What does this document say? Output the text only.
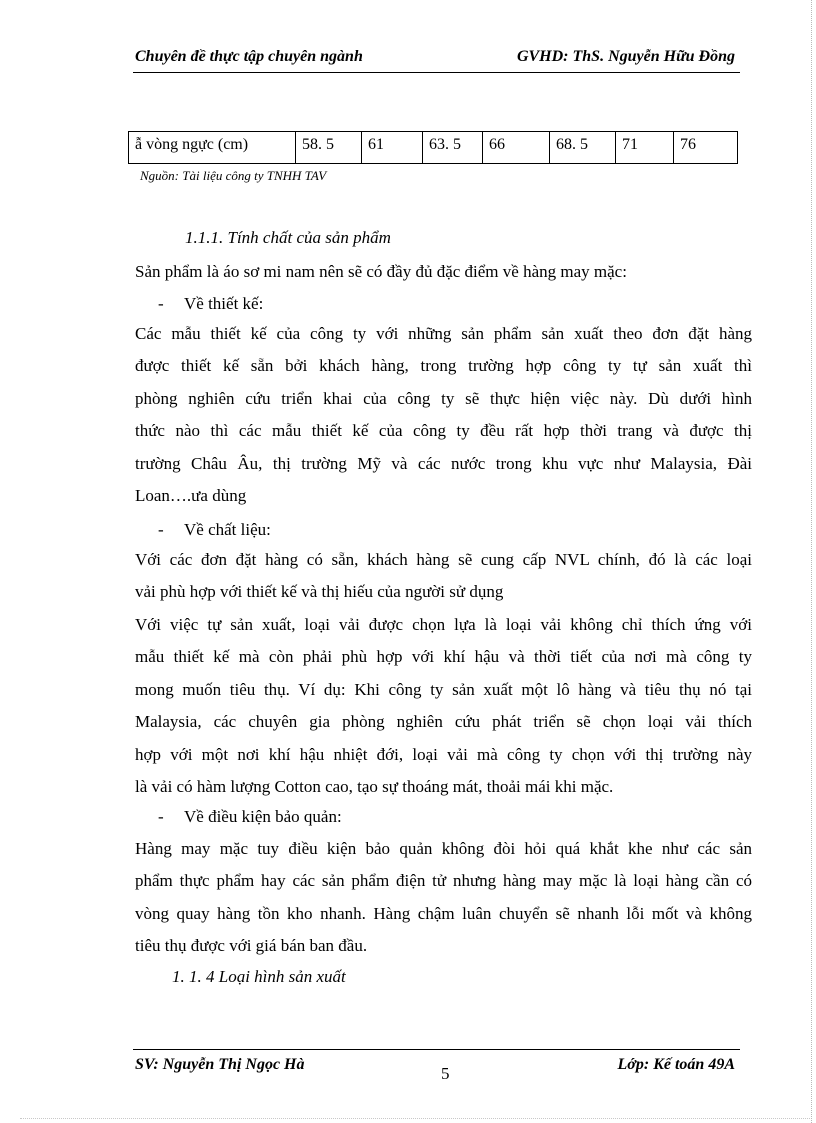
Chuyên đề thực tập chuyên ngành	GVHD: ThS. Nguyễn Hữu Đồng
ẫ vòng ngực (cm)	58. 5	61	63. 5	66	68. 5	71	76
Nguồn: Tài liệu công ty TNHH TAV
1.1.1. Tính chất của sản phẩm
Sản phẩm là áo sơ mi nam nên sẽ có đầy đủ đặc điểm về hàng may mặc:
- Về thiết kế:
Các mẫu thiết kế của công ty với những sản phẩm sản xuất theo đơn đặt hàng
được thiết kế sẵn bởi khách hàng, trong trường hợp công ty tự sản xuất thì
phòng nghiên cứu triển khai của công ty sẽ thực hiện việc này. Dù dưới hình
thức nào thì các mẫu thiết kế của công ty đều rất hợp thời trang và được thị
trường Châu Âu, thị trường Mỹ và các nước trong khu vực như Malaysia, Đài
Loan….ưa dùng
- Về chất liệu:
Với các đơn đặt hàng có sẵn, khách hàng sẽ cung cấp NVL chính, đó là các loại
vải phù hợp với thiết kế và thị hiếu của người sử dụng
Với việc tự sản xuất, loại vải được chọn lựa là loại vải không chỉ thích ứng với
mẫu thiết kế mà còn phải phù hợp với khí hậu và thời tiết của nơi mà công ty
mong muốn tiêu thụ. Ví dụ: Khi công ty sản xuất một lô hàng và tiêu thụ nó tại
Malaysia, các chuyên gia phòng nghiên cứu phát triển sẽ chọn loại vải thích
hợp với một nơi khí hậu nhiệt đới, loại vải mà công ty chọn với thị trường này
là vải có hàm lượng Cotton cao, tạo sự thoáng mát, thoải mái khi mặc.
- Về điều kiện bảo quản:
Hàng may mặc tuy điều kiện bảo quản không đòi hỏi quá khắt khe như các sản
phẩm thực phẩm hay các sản phẩm điện tử nhưng hàng may mặc là loại hàng cần có
vòng quay hàng tồn kho nhanh. Hàng chậm luân chuyển sẽ nhanh lỗi mốt và không
tiêu thụ được với giá bán ban đầu.
1. 1. 4 Loại hình sản xuất
SV: Nguyễn Thị Ngọc Hà	Lớp: Kế toán 49A
5
